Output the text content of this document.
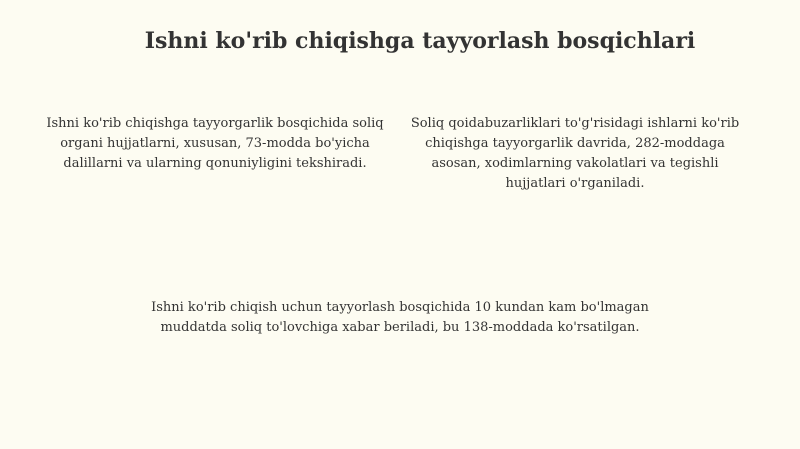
Ishni ko'rib chiqishga tayyorlash bosqichlari

Ishni ko'rib chiqishga tayyorgarlik bosqichida soliq organi hujjatlarni, xususan, 73-modda bo'yicha dalillarni va ularning qonuniyligini tekshiradi.

Soliq qoidabuzarliklari to'g'risidagi ishlarni ko'rib chiqishga tayyorgarlik davrida, 282-moddaga asosan, xodimlarning vakolatlari va tegishli hujjatlari o'rganiladi.

Ishni ko'rib chiqish uchun tayyorlash bosqichida 10 kundan kam bo'lmagan muddatda soliq to'lovchiga xabar beriladi, bu 138-moddada ko'rsatilgan.
